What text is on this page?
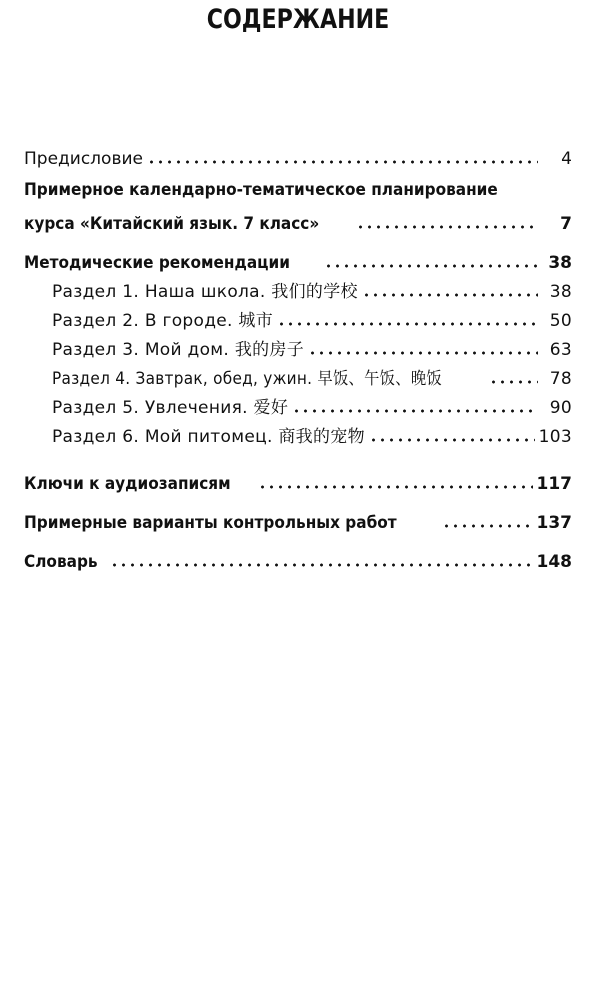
СОДЕРЖАНИЕ
Предисловие	4
Примерное календарно-тематическое планирование
курса «Китайский язык. 7 класс»	7
Методические рекомендации	38
Раздел 1. Наша школа. 我们的学校	38
Раздел 2. В городе. 城市	50
Раздел 3. Мой дом. 我的房子	63
Раздел 4. Завтрак, обед, ужин. 早饭、午饭、晚饭	78
Раздел 5. Увлечения. 爱好	90
Раздел 6. Мой питомец. 商我的宠物	103
Ключи к аудиозаписям	117
Примерные варианты контрольных работ	137
Словарь	148
